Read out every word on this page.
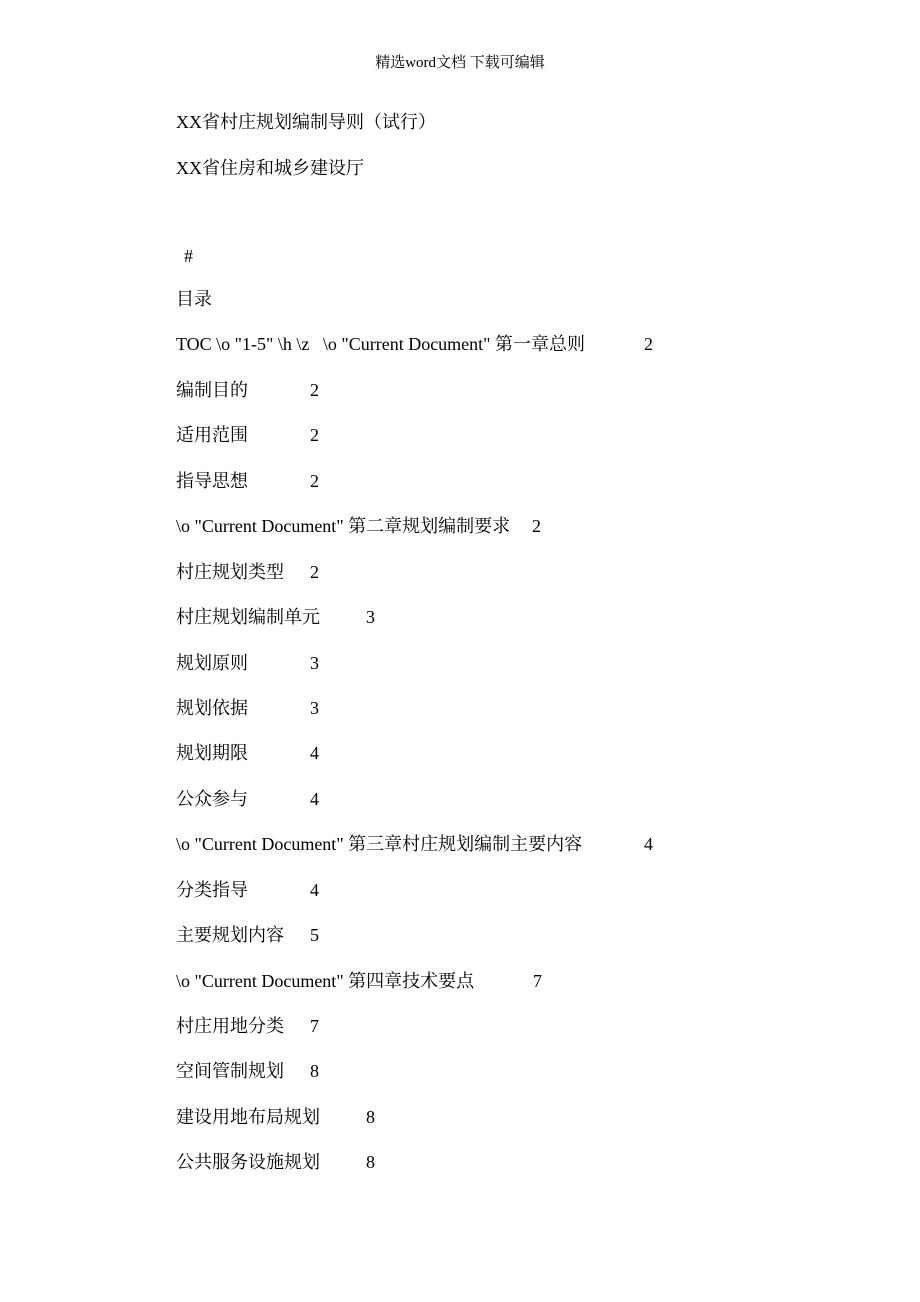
精选word文档 下载可编辑
XX省村庄规划编制导则（试行）
XX省住房和城乡建设厅
#
目录
TOC \o "1-5" \h \z   \o "Current Document" 第一章总则	2
编制目的	2
适用范围	2
指导思想	2
\o "Current Document" 第二章规划编制要求 2
村庄规划类型 2
村庄规划编制单元	3
规划原则	3
规划依据	3
规划期限	4
公众参与	4
\o "Current Document" 第三章村庄规划编制主要内容	4
分类指导	4
主要规划内容 5
\o "Current Document" 第四章技术要点	7
村庄用地分类 7
空间管制规划 8
建设用地布局规划	8
公共服务设施规划	8
